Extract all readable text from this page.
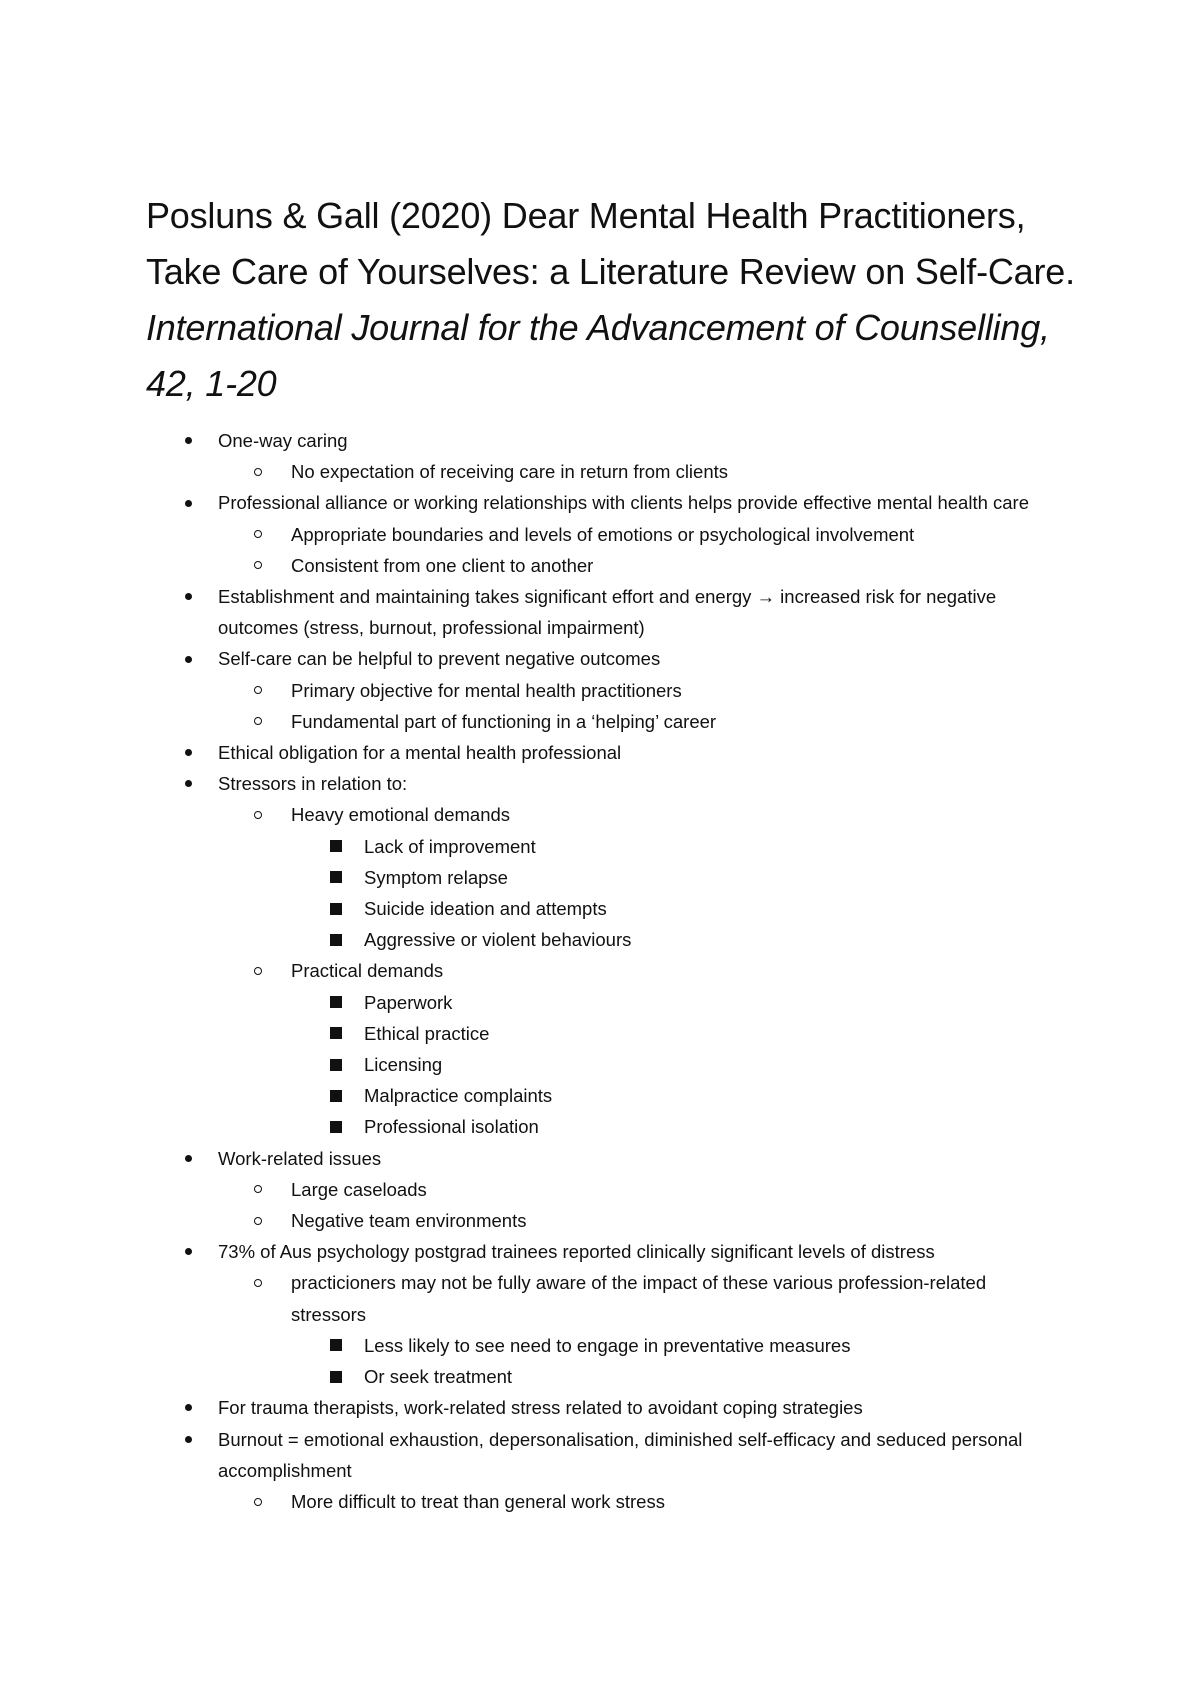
Posluns & Gall (2020) Dear Mental Health Practitioners, Take Care of Yourselves: a Literature Review on Self-Care. International Journal for the Advancement of Counselling, 42, 1-20
One-way caring
No expectation of receiving care in return from clients
Professional alliance or working relationships with clients helps provide effective mental health care
Appropriate boundaries and levels of emotions or psychological involvement
Consistent from one client to another
Establishment and maintaining takes significant effort and energy → increased risk for negative outcomes (stress, burnout, professional impairment)
Self-care can be helpful to prevent negative outcomes
Primary objective for mental health practitioners
Fundamental part of functioning in a ‘helping’ career
Ethical obligation for a mental health professional
Stressors in relation to:
Heavy emotional demands
Lack of improvement
Symptom relapse
Suicide ideation and attempts
Aggressive or violent behaviours
Practical demands
Paperwork
Ethical practice
Licensing
Malpractice complaints
Professional isolation
Work-related issues
Large caseloads
Negative team environments
73% of Aus psychology postgrad trainees reported clinically significant levels of distress
practicioners may not be fully aware of the impact of these various profession-related stressors
Less likely to see need to engage in preventative measures
Or seek treatment
For trauma therapists, work-related stress related to avoidant coping strategies
Burnout = emotional exhaustion, depersonalisation, diminished self-efficacy and seduced personal accomplishment
More difficult to treat than general work stress
